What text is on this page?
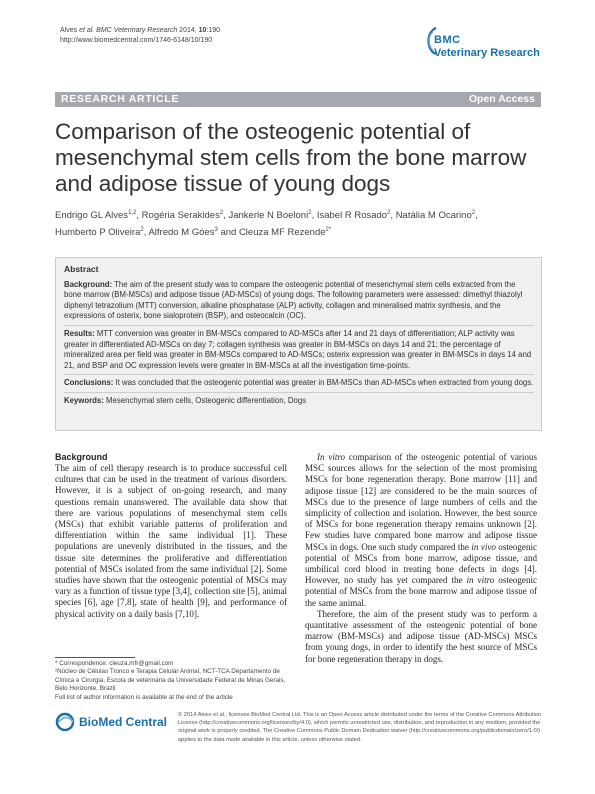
Alves et al. BMC Veterinary Research 2014, 10:190
http://www.biomedcentral.com/1746-6148/10/190	BMC
Veterinary Research
RESEARCH ARTICLE	Open Access
Comparison of the osteogenic potential of mesenchymal stem cells from the bone marrow and adipose tissue of young dogs
Endrigo GL Alves$^{1,2}$, Rogéria Serakides$^2$, Jankerle N Boeloni$^2$, Isabel R Rosado$^2$, Natália M Ocarino$^2$,
Humberto P Oliveira$^2$, Alfredo M Góes$^3$ and Cleuza MF Rezende$^{2*}$
Abstract
Background: The aim of the present study was to compare the osteogenic potential of mesenchymal stem cells extracted from the bone marrow (BM-MSCs) and adipose tissue (AD-MSCs) of young dogs. The following parameters were assessed: dimethyl thiazolyl diphenyl tetrazolium (MTT) conversion, alkaline phosphatase (ALP) activity, collagen and mineralised matrix synthesis, and the expressions of osterix, bone sialoprotein (BSP), and osteocalcin (OC).
Results: MTT conversion was greater in BM-MSCs compared to AD-MSCs after 14 and 21 days of differentiation; ALP activity was greater in differentiated AD-MSCs on day 7; collagen synthesis was greater in BM-MSCs on days 14 and 21; the percentage of mineralized area per field was greater in BM-MSCs compared to AD-MSCs; osterix expression was greater in BM-MSCs in days 14 and 21, and BSP and OC expression levels were greater in BM-MSCs at all the investigation time-points.
Conclusions: It was concluded that the osteogenic potential was greater in BM-MSCs than AD-MSCs when extracted from young dogs.
Keywords: Mesenchymal stem cells, Osteogenic differentiation, Dogs
Background

The aim of cell therapy research is to produce successful cell cultures that can be used in the treatment of various disorders. However, it is a subject of on-going research, and many questions remain unanswered. The available data show that there are various populations of mesenchymal stem cells (MSCs) that exhibit variable patterns of proliferation and differentiation within the same individual [1]. These populations are unevenly distributed in the tissues, and the tissue site determines the proliferative and differentiation potential of MSCs isolated from the same individual [2]. Some studies have shown that the osteogenic potential of MSCs may vary as a function of tissue type [3,4], collection site [5], animal species [6], age [7,8], state of health [9], and performance of physical activity on a daily basis [7,10].

In vitro comparison of the osteogenic potential of various MSC sources allows for the selection of the most promising MSCs for bone regeneration therapy. Bone marrow [11] and adipose tissue [12] are considered to be the main sources of MSCs due to the presence of large numbers of cells and the simplicity of collection and isolation. However, the best source of MSCs for bone regeneration therapy remains unknown [2]. Few studies have compared bone marrow and adipose tissue MSCs in dogs. One such study compared the in vivo osteogenic potential of MSCs from bone marrow, adipose tissue, and umbilical cord blood in treating bone defects in dogs [4]. However, no study has yet compared the in vitro osteogenic potential of MSCs from the bone marrow and adipose tissue of the same animal.

Therefore, the aim of the present study was to perform a quantitative assessment of the osteogenic potential of bone marrow (BM-MSCs) and adipose tissue (AD-MSCs) MSCs from young dogs, in order to identify the best source of MSCs for bone regeneration therapy in dogs.

* Correspondence: cleuza.mfr@gmail.com
²Núcleo de Células Tronco e Terapia Celular Animal, NCT-TCA Departamento de Clínica e Cirurgia, Escola de veterinária da Universidade Federal de Minas Gerais, Belo Horizonte, Brazil
Full list of author information is available at the end of the article
BioMed Central © 2014 Alves et al.; licensee BioMed Central Ltd. This is an Open Access article distributed under the terms of the Creative Commons Attribution License (http://creativecommons.org/licenses/by/4.0), which permits unrestricted use, distribution, and reproduction in any medium, provided the original work is properly credited. The Creative Commons Public Domain Dedication waiver (http://creativecommons.org/publicdomain/zero/1.0/) applies to the data made available in this article, unless otherwise stated.
